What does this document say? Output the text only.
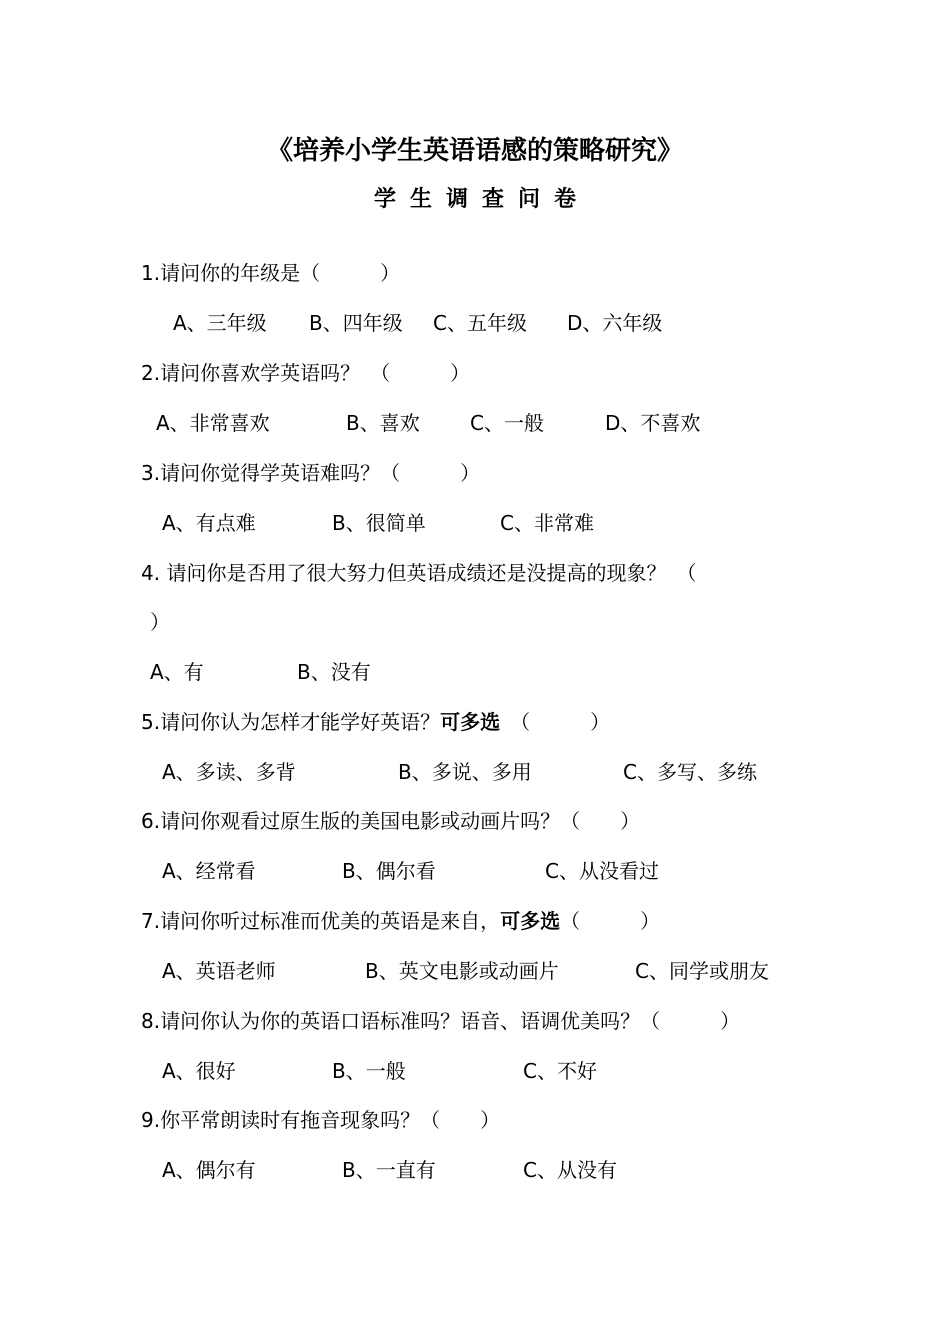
《培养小学生英语语感的策略研究》
学生调查问卷
1.请问你的年级是（　　　）
A、三年级 B、四年级 C、五年级 D、六年级
2.请问你喜欢学英语吗？　（　　　）
A、非常喜欢	B、喜欢	C、一般	D、不喜欢
3.请问你觉得学英语难吗？（　　　）
A、有点难	B、很简单	C、非常难
4. 请问你是否用了很大努力但英语成绩还是没提高的现象？　（
）
A、有	B、没有
5.请问你认为怎样才能学好英语？可多选　（　　　）
A、多读、多背	B、多说、多用	C、多写、多练
6.请问你观看过原生版的美国电影或动画片吗？（　　）
A、经常看	B、偶尔看	C、从没看过
7.请问你听过标准而优美的英语是来自，可多选（　　　）
A、英语老师	B、英文电影或动画片	C、同学或朋友
8.请问你认为你的英语口语标准吗？语音、语调优美吗？（　　　）
A、很好	B、一般	C、不好
9.你平常朗读时有拖音现象吗？（　　）
A、偶尔有	B、一直有	C、从没有
